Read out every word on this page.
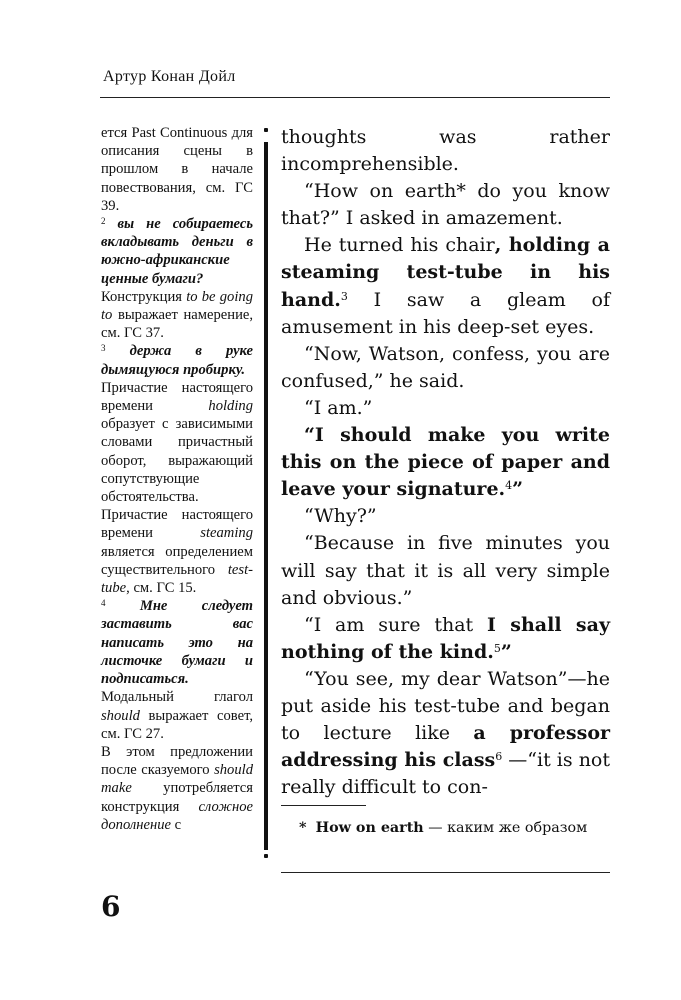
Артур Конан Дойл

ется Past Continuous для описания сцены в прошлом в начале повествования, см. ГС 39.

$^2$ вы не собираетесь вкладывать деньги в южно-африканские ценные бумаги?

Конструкция to be going to выражает намерение, см. ГС 37.

$^3$ держа в руке дымящуюся пробирку.

Причастие настоящего времени holding образует с зависимыми словами причастный оборот, выражающий сопутствующие обстоятельства.

Причастие настоящего времени steaming является определением существительного test-tube, см. ГС 15.

$^4$ Мне следует заставить вас написать это на листочке бумаги и подписаться.

Модальный глагол should выражает совет, см. ГС 27.

В этом предложении после сказуемого should make употребляется конструкция сложное дополнение с

thoughts was rather incomprehensible.

“How on earth* do you know that?” I asked in amazement.

He turned his chair, holding a steaming test-tube in his hand.$^3$ I saw a gleam of amusement in his deep-set eyes.

“Now, Watson, confess, you are confused,” he said.

“I am.”

“I should make you write this on the piece of paper and leave your signature.$^4$”

“Why?”

“Because in five minutes you will say that it is all very simple and obvious.”

“I am sure that I shall say nothing of the kind.$^5$”

“You see, my dear Watson”—he put aside his test-tube and began to lecture like a professor addressing his class$^6$ —“it is not really difficult to con-

* How on earth — каким же образом
6
